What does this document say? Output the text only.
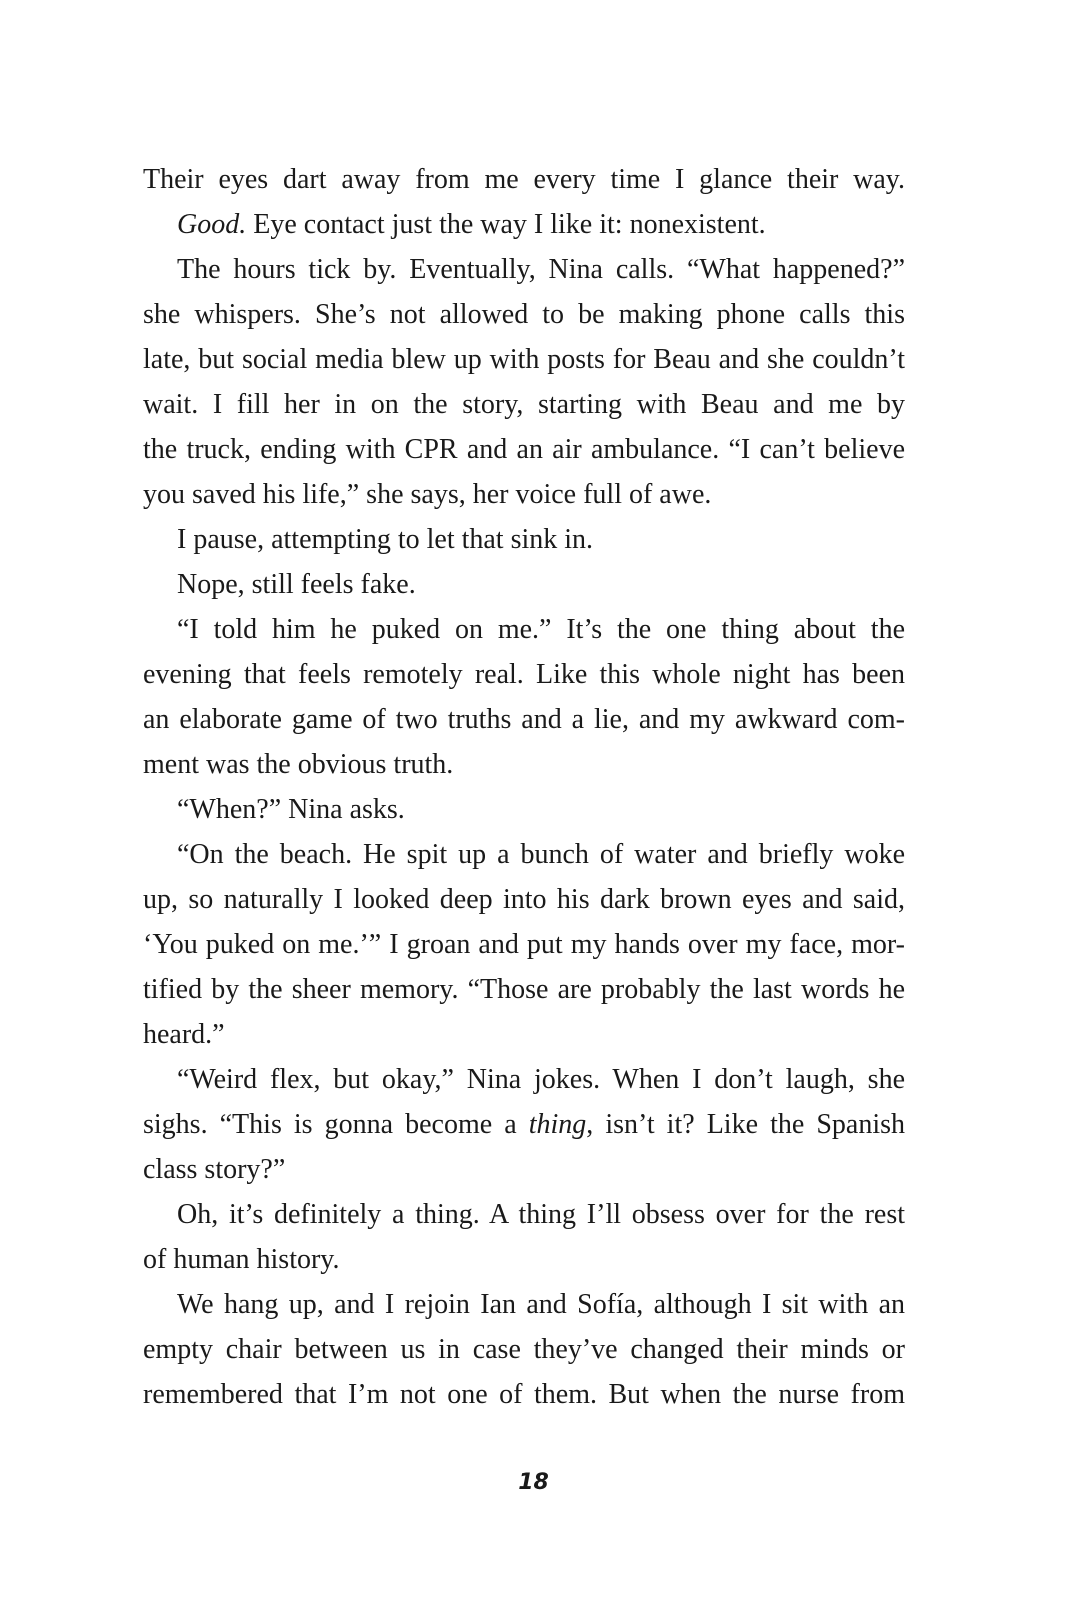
Their eyes dart away from me every time I glance their way.
Good. Eye contact just the way I like it: nonexistent.
The hours tick by. Eventually, Nina calls. “What happened?”
she whispers. She’s not allowed to be making phone calls this
late, but social media blew up with posts for Beau and she couldn’t
wait. I fill her in on the story, starting with Beau and me by
the truck, ending with CPR and an air ambulance. “I can’t believe
you saved his life,” she says, her voice full of awe.
I pause, attempting to let that sink in.
Nope, still feels fake.
“I told him he puked on me.” It’s the one thing about the
evening that feels remotely real. Like this whole night has been
an elaborate game of two truths and a lie, and my awkward com-
ment was the obvious truth.
“When?” Nina asks.
“On the beach. He spit up a bunch of water and briefly woke
up, so naturally I looked deep into his dark brown eyes and said,
‘You puked on me.’” I groan and put my hands over my face, mor-
tified by the sheer memory. “Those are probably the last words he
heard.”
“Weird flex, but okay,” Nina jokes. When I don’t laugh, she
sighs. “This is gonna become a thing, isn’t it? Like the Spanish
class story?”
Oh, it’s definitely a thing. A thing I’ll obsess over for the rest
of human history.
We hang up, and I rejoin Ian and Sofía, although I sit with an
empty chair between us in case they’ve changed their minds or
remembered that I’m not one of them. But when the nurse from
18
